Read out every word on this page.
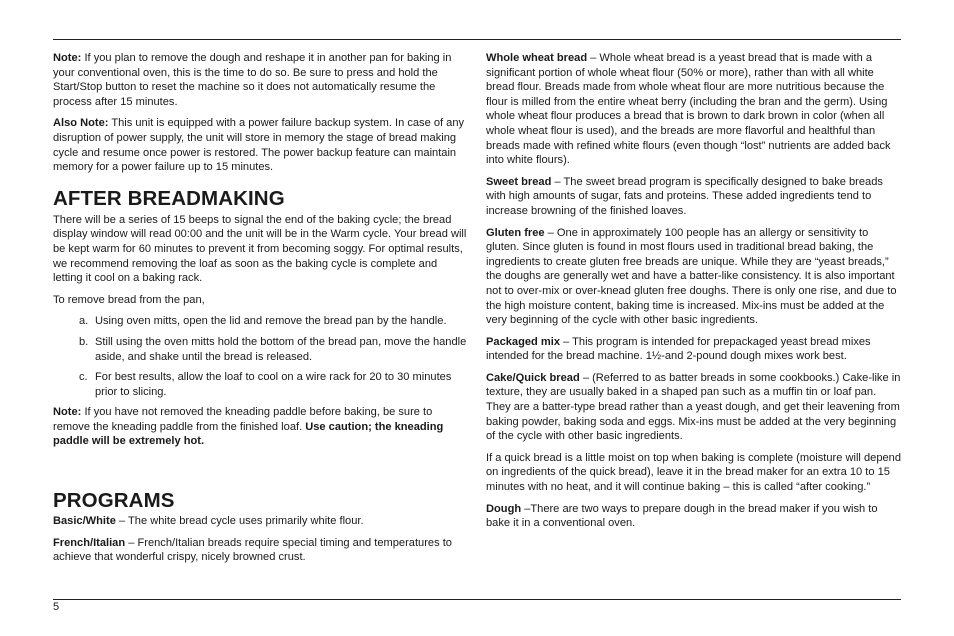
Note: If you plan to remove the dough and reshape it in another pan for baking in your conventional oven, this is the time to do so. Be sure to press and hold the Start/Stop button to reset the machine so it does not automatically resume the process after 15 minutes.

Also Note: This unit is equipped with a power failure backup system. In case of any disruption of power supply, the unit will store in memory the stage of bread making cycle and resume once power is restored. The power backup feature can maintain memory for a power failure up to 15 minutes.

AFTER BREADMAKING

There will be a series of 15 beeps to signal the end of the baking cycle; the bread display window will read 00:00 and the unit will be in the Warm cycle. Your bread will be kept warm for 60 minutes to prevent it from becoming soggy. For optimal results, we recommend removing the loaf as soon as the baking cycle is complete and letting it cool on a baking rack.

To remove bread from the pan,

a. Using oven mitts, open the lid and remove the bread pan by the handle.
b. Still using the oven mitts hold the bottom of the bread pan, move the handle aside, and shake until the bread is released.
c. For best results, allow the loaf to cool on a wire rack for 20 to 30 minutes prior to slicing.

Note: If you have not removed the kneading paddle before baking, be sure to remove the kneading paddle from the finished loaf. Use caution; the kneading paddle will be extremely hot.

PROGRAMS

Basic/White – The white bread cycle uses primarily white flour.

French/Italian – French/Italian breads require special timing and temperatures to achieve that wonderful crispy, nicely browned crust.

Whole wheat bread – Whole wheat bread is a yeast bread that is made with a significant portion of whole wheat flour (50% or more), rather than with all white bread flour. Breads made from whole wheat flour are more nutritious because the flour is milled from the entire wheat berry (including the bran and the germ). Using whole wheat flour produces a bread that is brown to dark brown in color (when all whole wheat flour is used), and the breads are more flavorful and healthful than breads made with refined white flours (even though “lost” nutrients are added back into white flours).

Sweet bread – The sweet bread program is specifically designed to bake breads with high amounts of sugar, fats and proteins. These added ingredients tend to increase browning of the finished loaves.

Gluten free – One in approximately 100 people has an allergy or sensitivity to gluten. Since gluten is found in most flours used in traditional bread baking, the ingredients to create gluten free breads are unique. While they are “yeast breads,” the doughs are generally wet and have a batter-like consistency. It is also important not to over-mix or over-knead gluten free doughs. There is only one rise, and due to the high moisture content, baking time is increased. Mix-ins must be added at the very beginning of the cycle with other basic ingredients.

Packaged mix – This program is intended for prepackaged yeast bread mixes intended for the bread machine. 1½-and 2-pound dough mixes work best.

Cake/Quick bread – (Referred to as batter breads in some cookbooks.) Cake-like in texture, they are usually baked in a shaped pan such as a muffin tin or loaf pan. They are a batter-type bread rather than a yeast dough, and get their leavening from baking powder, baking soda and eggs. Mix-ins must be added at the very beginning of the cycle with other basic ingredients.

If a quick bread is a little moist on top when baking is complete (moisture will depend on ingredients of the quick bread), leave it in the bread maker for an extra 10 to 15 minutes with no heat, and it will continue baking – this is called “after cooking.”

Dough –There are two ways to prepare dough in the bread maker if you wish to bake it in a conventional oven.

5
